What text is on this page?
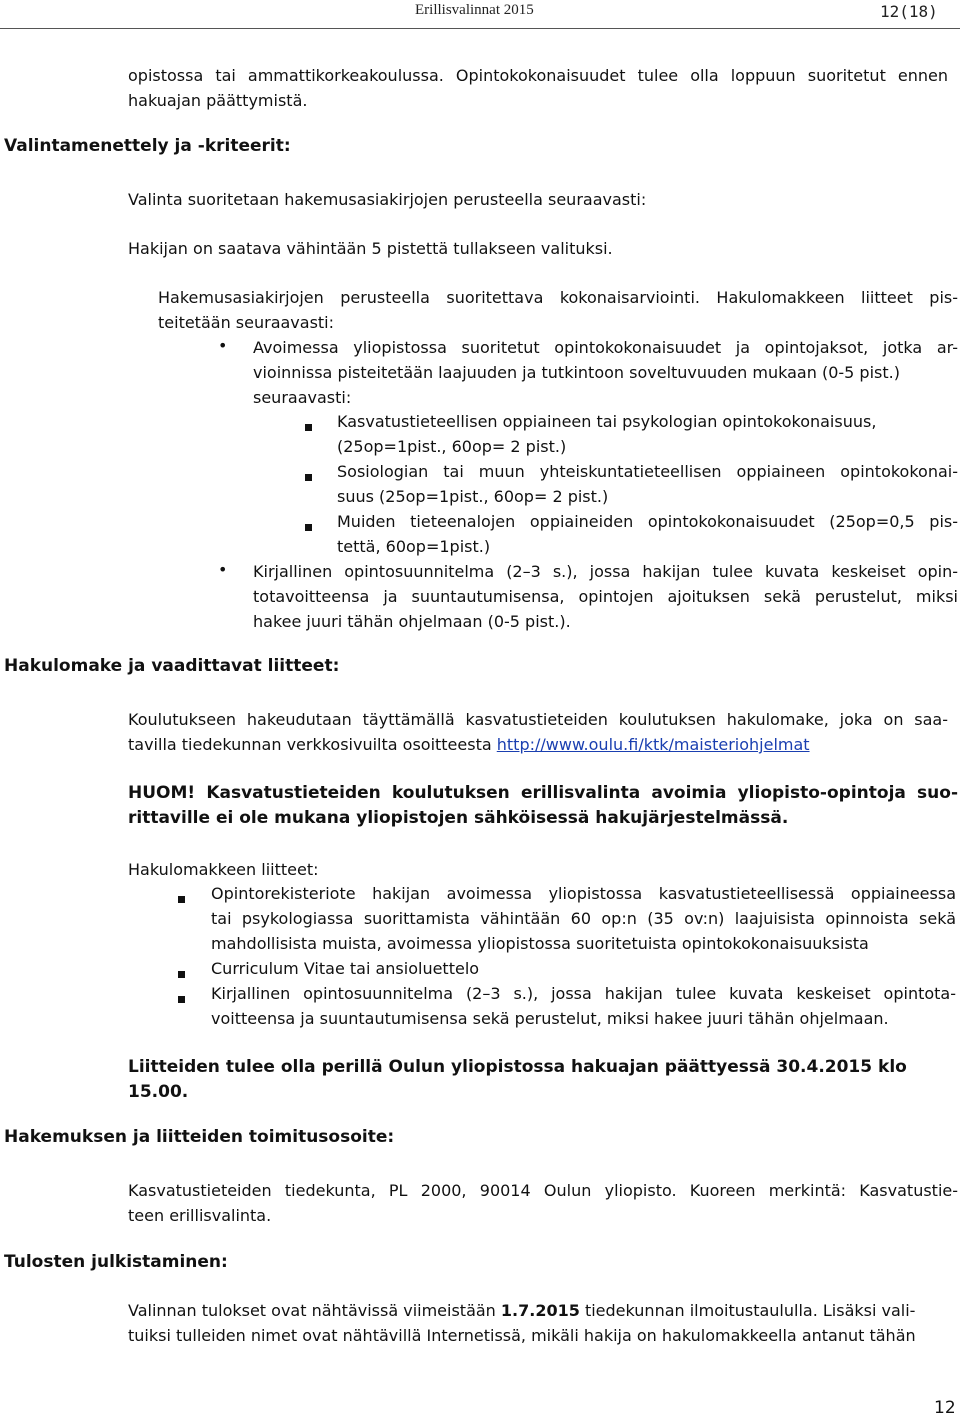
Erillisvalinnat 2015	12(18)
opistossa tai ammattikorkeakoulussa. Opintokokonaisuudet tulee olla loppuun suoritetut ennen
hakuajan päättymistä.
Valintamenettely ja -kriteerit:
Valinta suoritetaan hakemusasiakirjojen perusteella seuraavasti:
Hakijan on saatava vähintään 5 pistettä tullakseen valituksi.
Hakemusasiakirjojen perusteella suoritettava kokonaisarviointi. Hakulomakkeen liitteet pis-
teitetään seuraavasti:
• Avoimessa yliopistossa suoritetut opintokokonaisuudet ja opintojaksot, jotka ar-
vioinnissa pisteitetään laajuuden ja tutkintoon soveltuvuuden mukaan (0-5 pist.)
seuraavasti:
Kasvatustieteellisen oppiaineen tai psykologian opintokokonaisuus,
(25op=1pist., 60op= 2 pist.)
Sosiologian tai muun yhteiskuntatieteellisen oppiaineen opintokokonai-
suus (25op=1pist., 60op= 2 pist.)
Muiden tieteenalojen oppiaineiden opintokokonaisuudet (25op=0,5 pis-
tettä, 60op=1pist.)
• Kirjallinen opintosuunnitelma (2–3 s.), jossa hakijan tulee kuvata keskeiset opin-
totavoitteensa ja suuntautumisensa, opintojen ajoituksen sekä perustelut, miksi
hakee juuri tähän ohjelmaan (0-5 pist.).
Hakulomake ja vaadittavat liitteet:
Koulutukseen hakeudutaan täyttämällä kasvatustieteiden koulutuksen hakulomake, joka on saa-
tavilla tiedekunnan verkkosivuilta osoitteesta http://www.oulu.fi/ktk/maisteriohjelmat
HUOM! Kasvatustieteiden koulutuksen erillisvalinta avoimia yliopisto-opintoja suo-
rittaville ei ole mukana yliopistojen sähköisessä hakujärjestelmässä.
Hakulomakkeen liitteet:
Opintorekisteriote hakijan avoimessa yliopistossa kasvatustieteellisessä oppiaineessa
tai psykologiassa suorittamista vähintään 60 op:n (35 ov:n) laajuisista opinnoista sekä
mahdollisista muista, avoimessa yliopistossa suoritetuista opintokokonaisuuksista
Curriculum Vitae tai ansioluettelo
Kirjallinen opintosuunnitelma (2–3 s.), jossa hakijan tulee kuvata keskeiset opintota-
voitteensa ja suuntautumisensa sekä perustelut, miksi hakee juuri tähän ohjelmaan.
Liitteiden tulee olla perillä Oulun yliopistossa hakuajan päättyessä 30.4.2015 klo
15.00.
Hakemuksen ja liitteiden toimitusosoite:
Kasvatustieteiden tiedekunta, PL 2000, 90014 Oulun yliopisto. Kuoreen merkintä: Kasvatustie-
teen erillisvalinta.
Tulosten julkistaminen:
Valinnan tulokset ovat nähtävissä viimeistään 1.7.2015 tiedekunnan ilmoitustaululla. Lisäksi vali-
tuiksi tulleiden nimet ovat nähtävillä Internetissä, mikäli hakija on hakulomakkeella antanut tähän
12
